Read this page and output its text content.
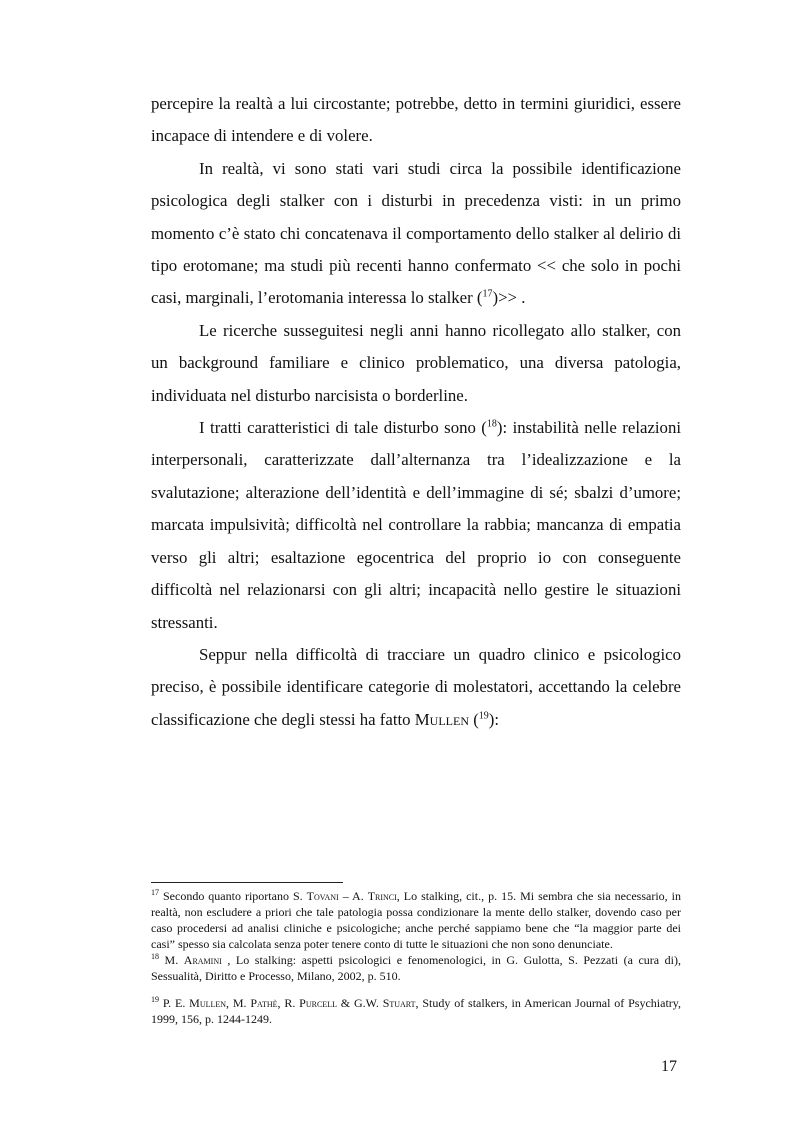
percepire la realtà a lui circostante; potrebbe, detto in termini giuridici, essere incapace di intendere e di volere.

In realtà, vi sono stati vari studi circa la possibile identificazione psicologica degli stalker con i disturbi in precedenza visti: in un primo momento c’è stato chi concatenava il comportamento dello stalker al delirio di tipo erotomane; ma studi più recenti hanno confermato << che solo in pochi casi, marginali, l’erotomania interessa lo stalker ($^{17}$)>> .

Le ricerche susseguitesi negli anni hanno ricollegato allo stalker, con un background familiare e clinico problematico, una diversa patologia, individuata nel disturbo narcisista o borderline.

I tratti caratteristici di tale disturbo sono ($^{18}$): instabilità nelle relazioni interpersonali, caratterizzate dall’alternanza tra l’idealizzazione e la svalutazione; alterazione dell’identità e dell’immagine di sé; sbalzi d’umore; marcata impulsività; difficoltà nel controllare la rabbia; mancanza di empatia verso gli altri; esaltazione egocentrica del proprio io con conseguente difficoltà nel relazionarsi con gli altri; incapacità nello gestire le situazioni stressanti.

Seppur nella difficoltà di tracciare un quadro clinico e psicologico preciso, è possibile identificare categorie di molestatori, accettando la celebre classificazione che degli stessi ha fatto Mullen ($^{19}$):

$^{17}$ Secondo quanto riportano S. Tovani – A. Trinci, Lo stalking, cit., p. 15. Mi sembra che sia necessario, in realtà, non escludere a priori che tale patologia possa condizionare la mente dello stalker, dovendo caso per caso procedersi ad analisi cliniche e psicologiche; anche perché sappiamo bene che “la maggior parte dei casi” spesso sia calcolata senza poter tenere conto di tutte le situazioni che non sono denunciate.

$^{18}$ M. Aramini , Lo stalking: aspetti psicologici e fenomenologici, in G. Gulotta, S. Pezzati (a cura di), Sessualità, Diritto e Processo, Milano, 2002, p. 510.

$^{19}$ P. E. Mullen, M. Pathè, R. Purcell & G.W. Stuart, Study of stalkers, in American Journal of Psychiatry, 1999, 156, p. 1244-1249.

17
